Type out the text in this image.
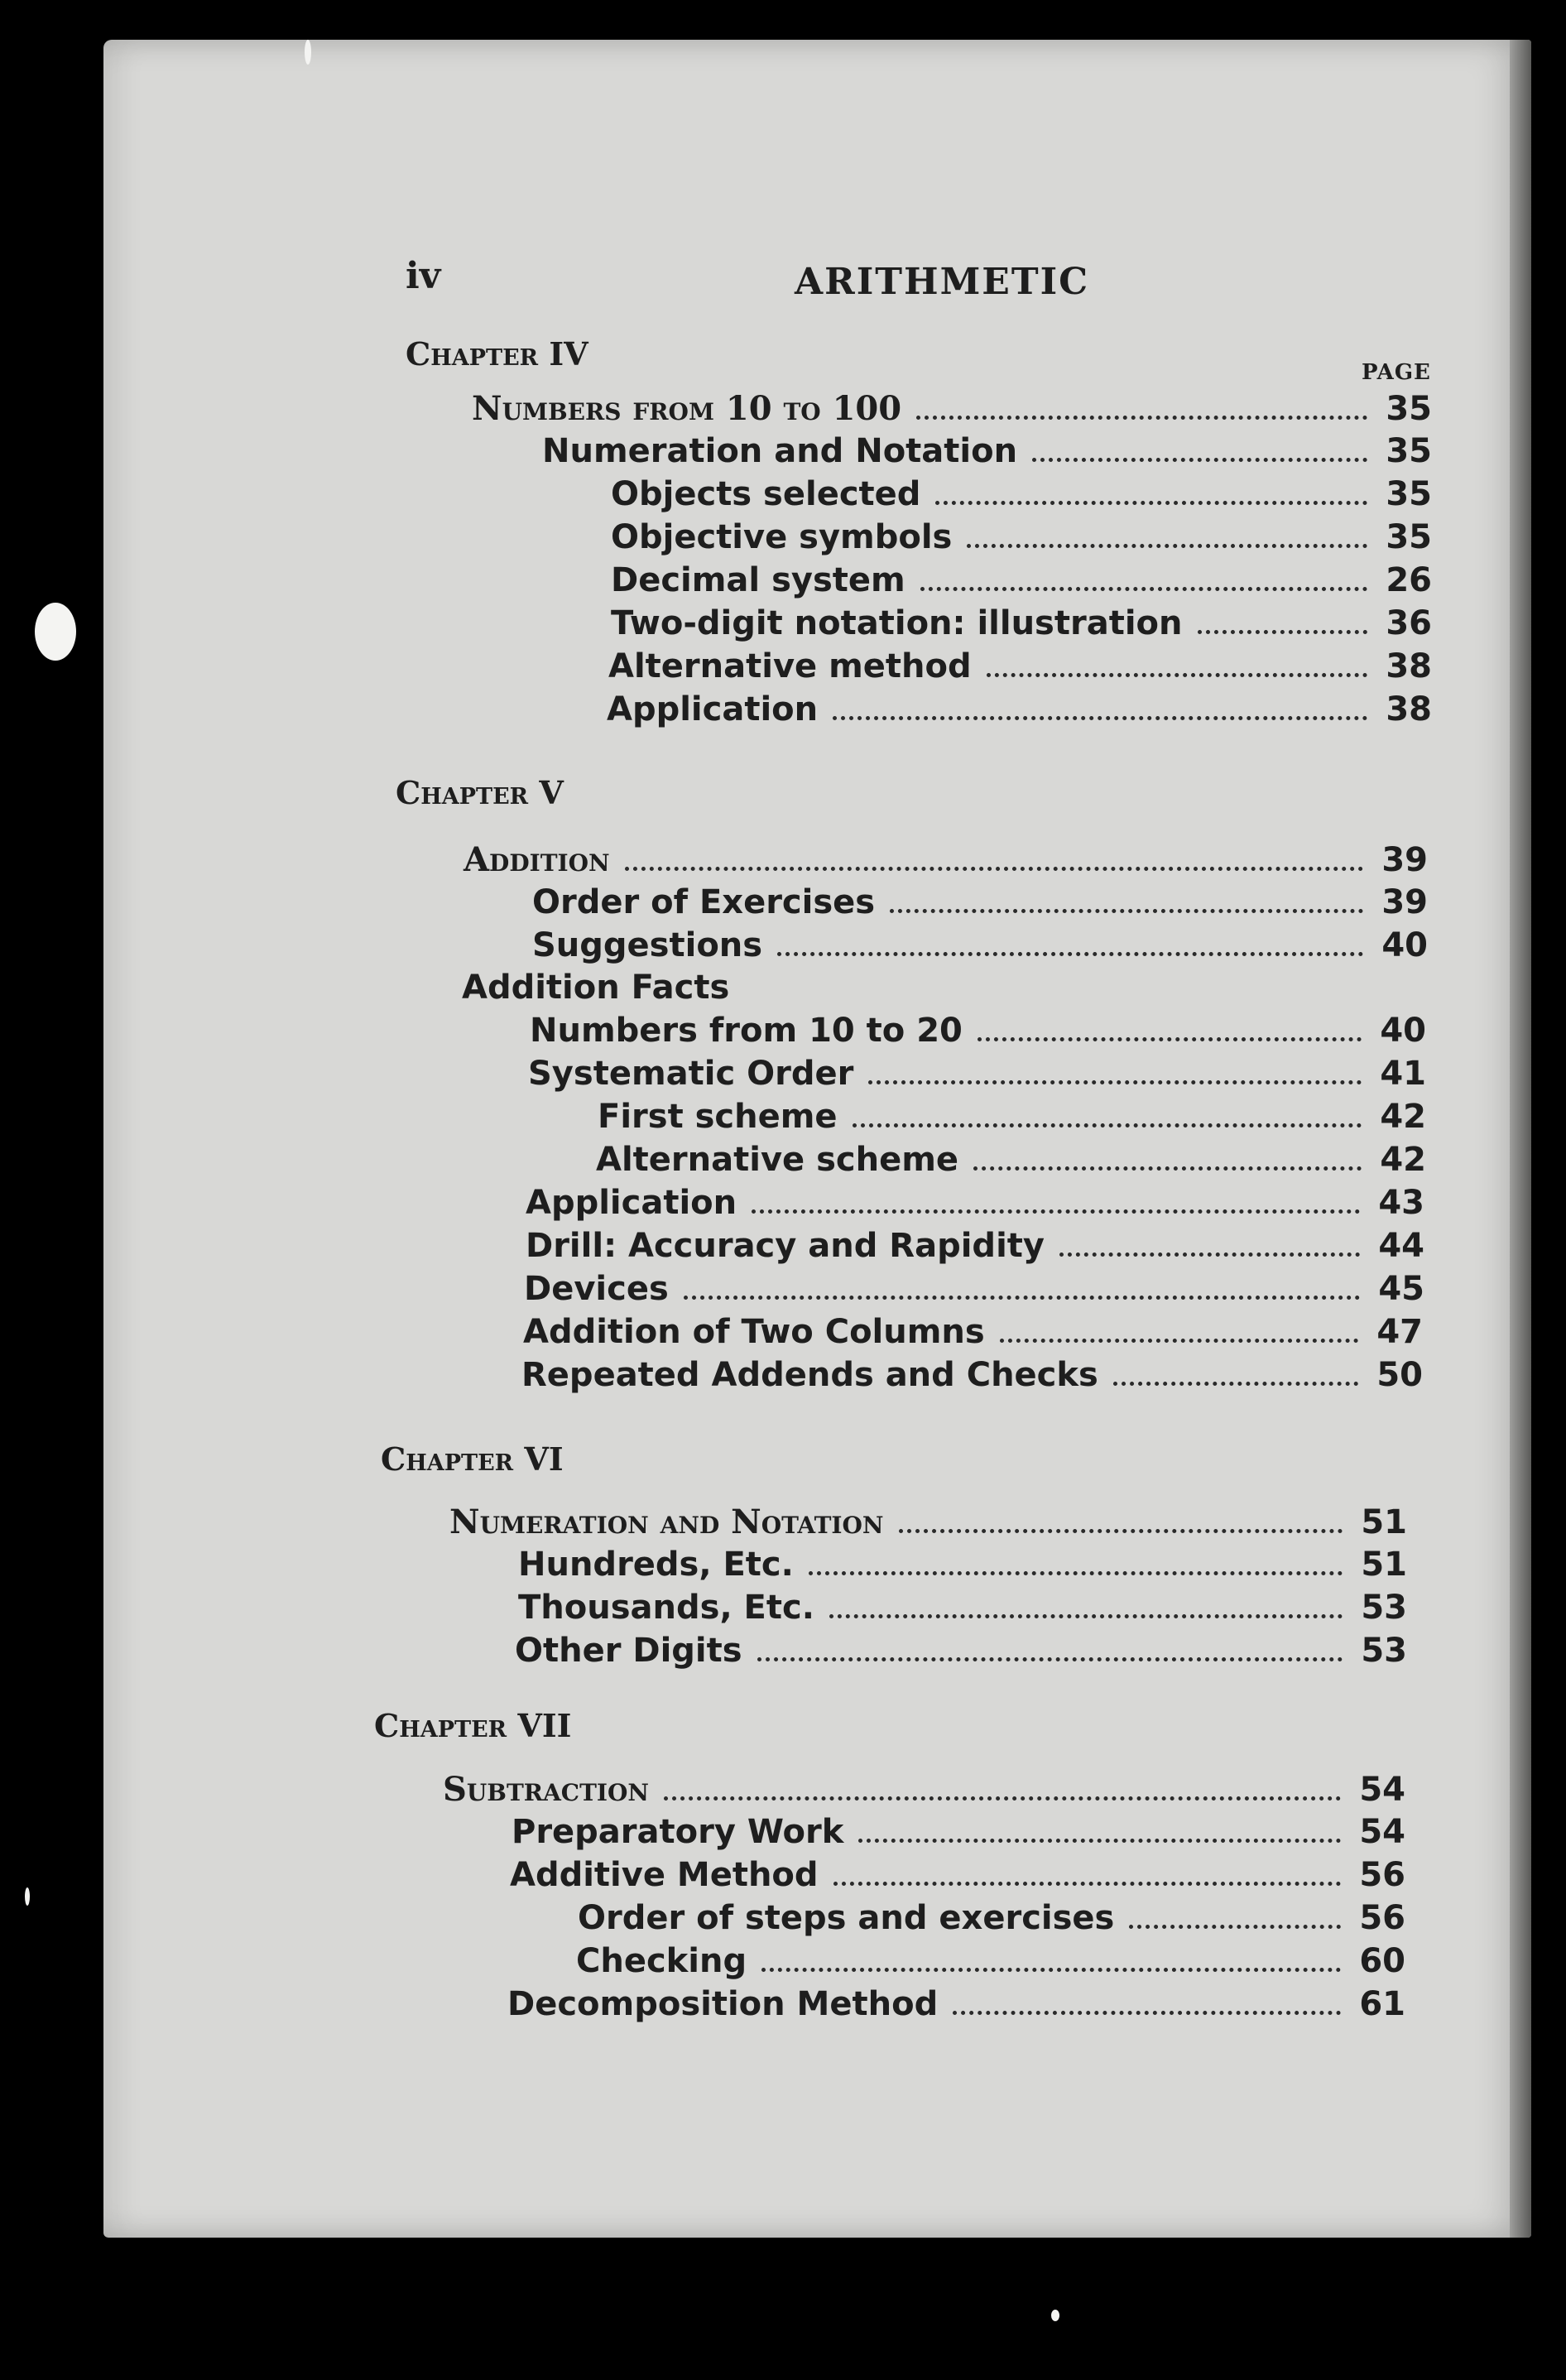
iv	ARITHMETIC
PAGE
Chapter IV
Numbers from 10 to 100	35
Numeration and Notation	35
Objects selected	35
Objective symbols	35
Decimal system	26
Two-digit notation: illustration	36
Alternative method	38
Application	38
Chapter V
Addition	39
Order of Exercises	39
Suggestions	40
Addition Facts
Numbers from 10 to 20	40
Systematic Order	41
First scheme	42
Alternative scheme	42
Application	43
Drill: Accuracy and Rapidity	44
Devices	45
Addition of Two Columns	47
Repeated Addends and Checks	50
Chapter VI
Numeration and Notation	51
Hundreds, Etc.	51
Thousands, Etc.	53
Other Digits	53
Chapter VII
Subtraction	54
Preparatory Work	54
Additive Method	56
Order of steps and exercises	56
Checking	60
Decomposition Method	61
